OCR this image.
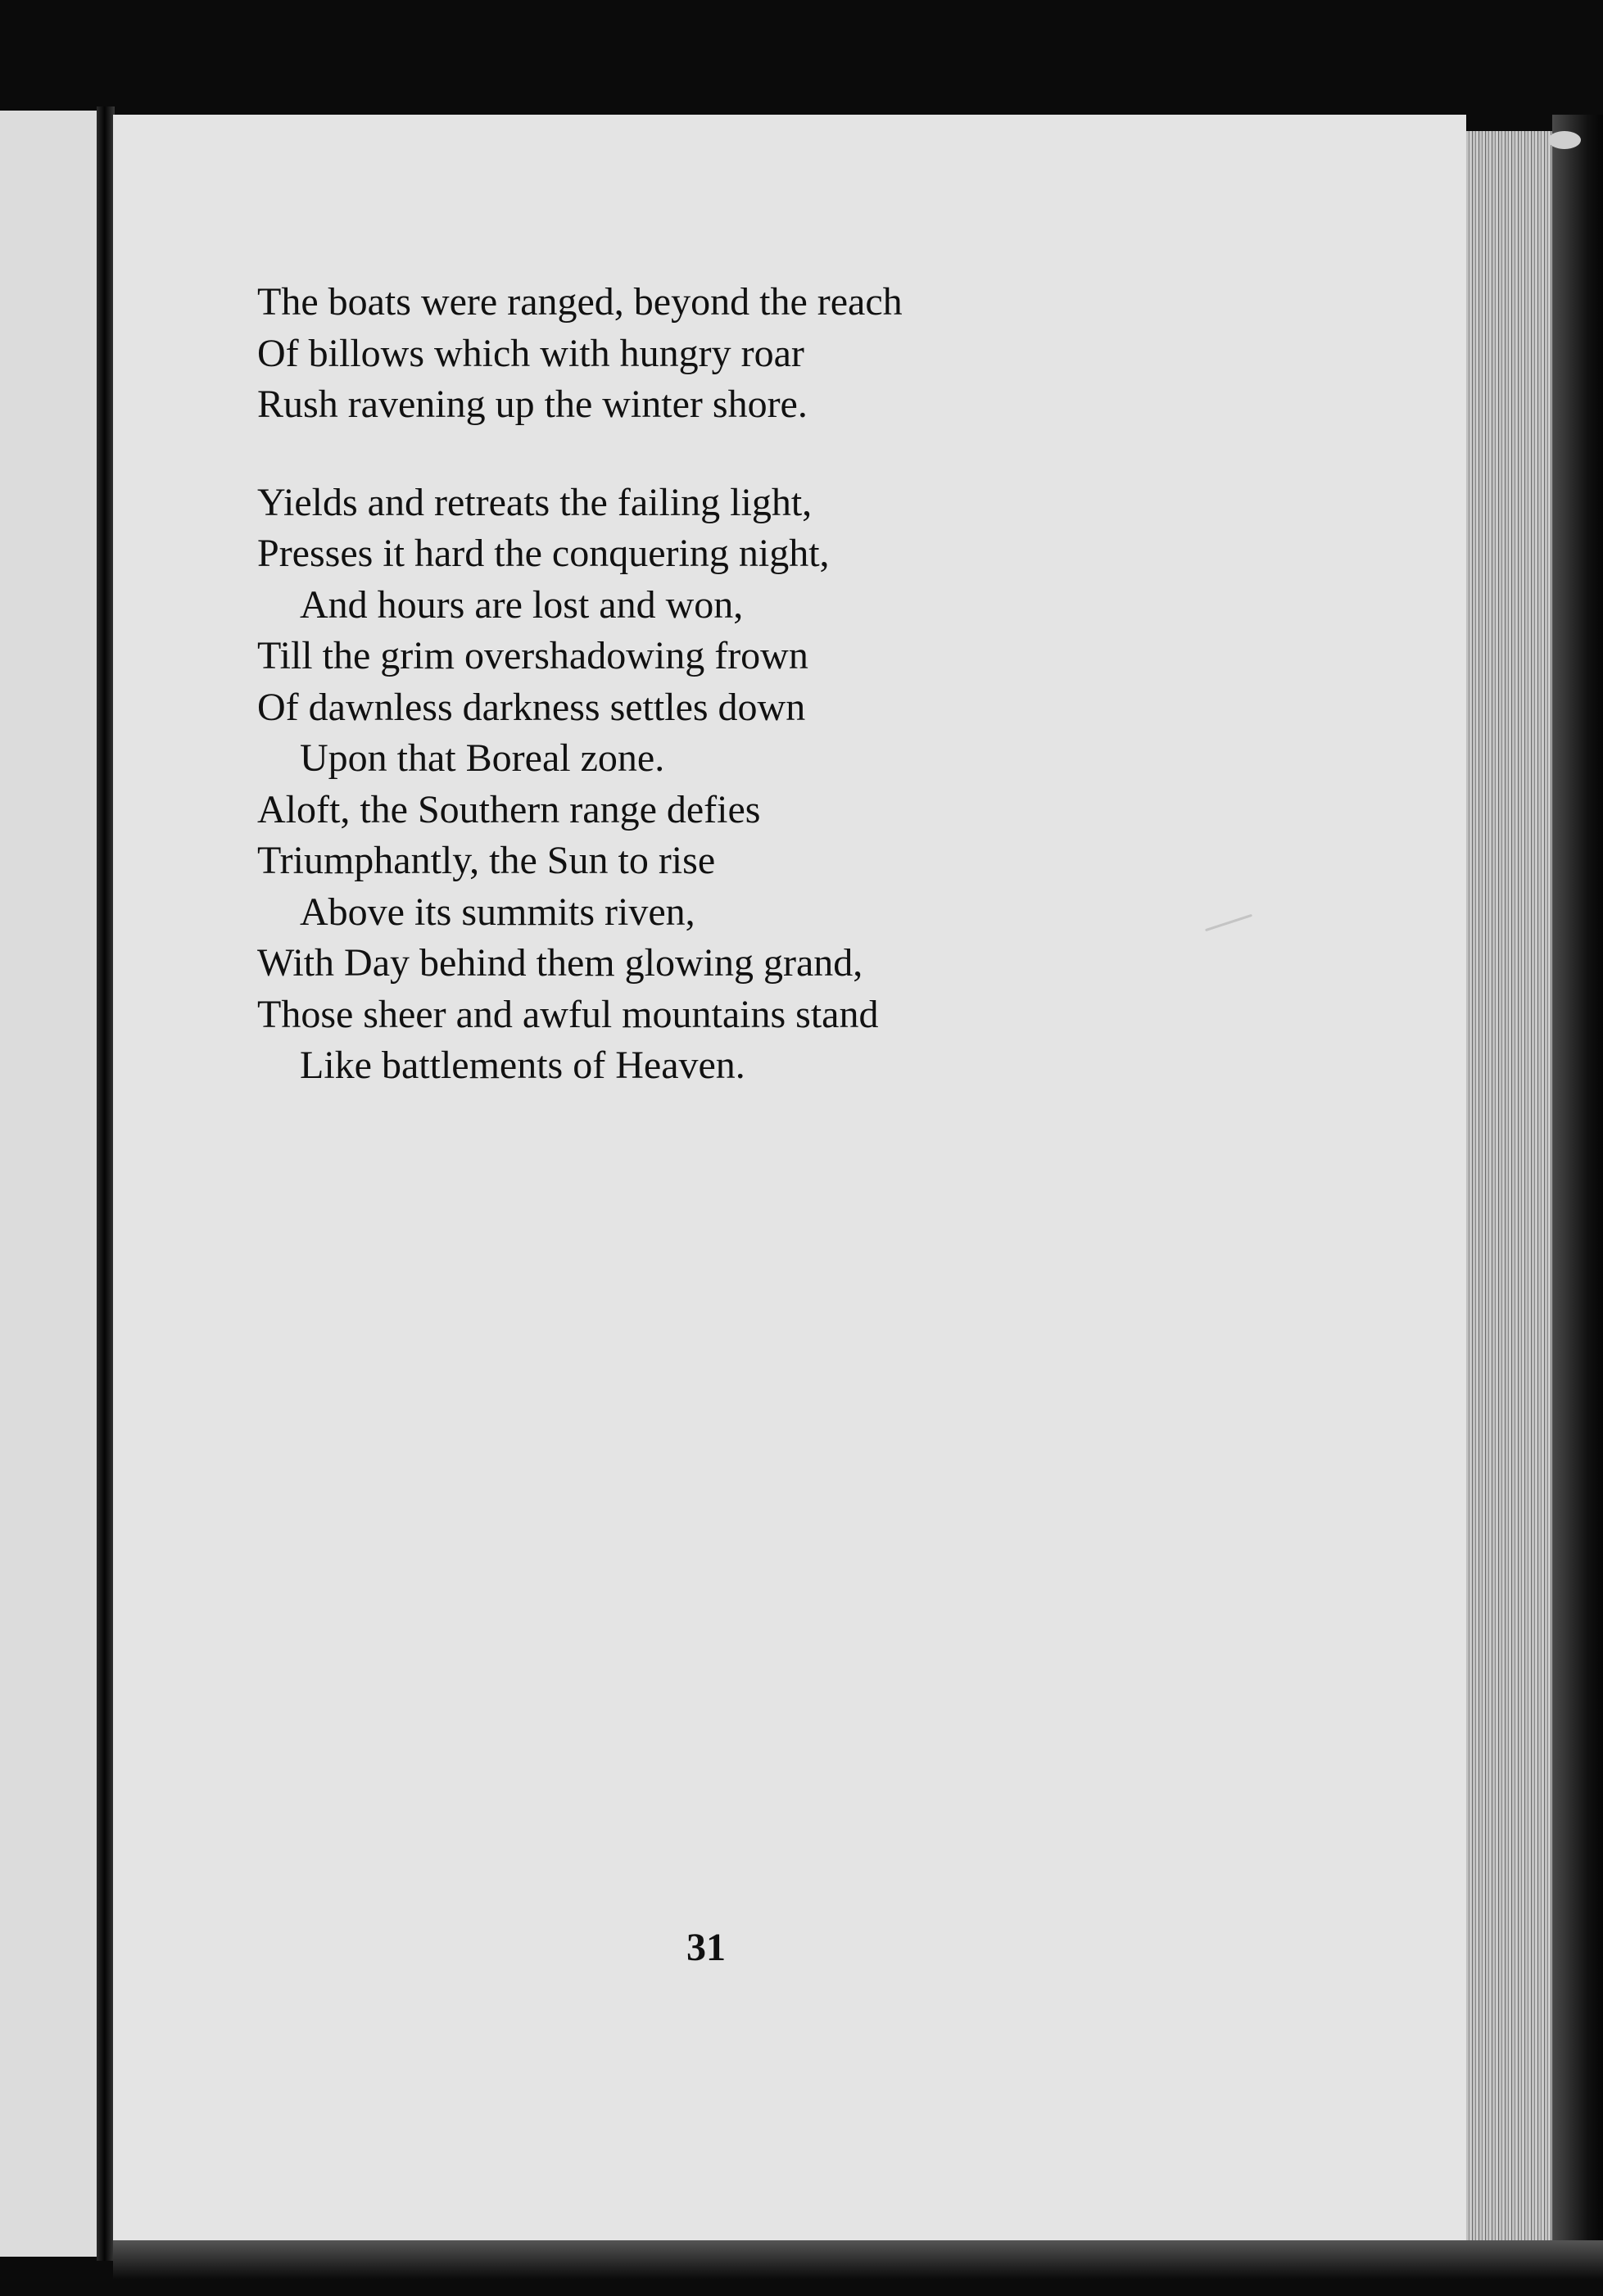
The boats were ranged, beyond the reach
Of billows which with hungry roar
Rush ravening up the winter shore.
Yields and retreats the failing light,
Presses it hard the conquering night,
And hours are lost and won,
Till the grim overshadowing frown
Of dawnless darkness settles down
Upon that Boreal zone.
Aloft, the Southern range defies
Triumphantly, the Sun to rise
Above its summits riven,
With Day behind them glowing grand,
Those sheer and awful mountains stand
Like battlements of Heaven.
31
